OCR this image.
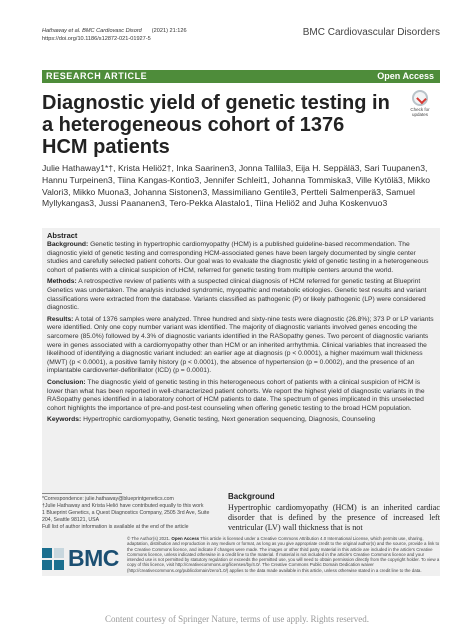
Hathaway et al. BMC Cardiovasc Disord (2021) 21:126
https://doi.org/10.1186/s12872-021-01927-5
BMC Cardiovascular Disorders
RESEARCH ARTICLE	Open Access
Diagnostic yield of genetic testing in a heterogeneous cohort of 1376 HCM patients
Check for updates
Julie Hathaway1*†, Krista Heliö2†, Inka Saarinen3, Jonna Tallila3, Eija H. Seppälä3, Sari Tuupanen3, Hannu Turpeinen3, Tiina Kangas-Kontio3, Jennifer Schleit1, Johanna Tommiska3, Ville Kytölä3, Mikko Valori3, Mikko Muona3, Johanna Sistonen3, Massimiliano Gentile3, Pertteli Salmenperä3, Samuel Myllykangas3, Jussi Paananen3, Tero-Pekka Alastalo1, Tiina Heliö2 and Juha Koskenvuo3
Abstract

Background: Genetic testing in hypertrophic cardiomyopathy (HCM) is a published guideline-based recommendation. The diagnostic yield of genetic testing and corresponding HCM-associated genes have been largely documented by single center studies and carefully selected patient cohorts. Our goal was to evaluate the diagnostic yield of genetic testing in a heterogeneous cohort of patients with a clinical suspicion of HCM, referred for genetic testing from multiple centers around the world.

Methods: A retrospective review of patients with a suspected clinical diagnosis of HCM referred for genetic testing at Blueprint Genetics was undertaken. The analysis included syndromic, myopathic and metabolic etiologies. Genetic test results and variant classifications were extracted from the database. Variants classified as pathogenic (P) or likely pathogenic (LP) were considered diagnostic.

Results: A total of 1376 samples were analyzed. Three hundred and sixty-nine tests were diagnostic (26.8%); 373 P or LP variants were identified. Only one copy number variant was identified. The majority of diagnostic variants involved genes encoding the sarcomere (85.0%) followed by 4.3% of diagnostic variants identified in the RASopathy genes. Two percent of diagnostic variants were in genes associated with a cardiomyopathy other than HCM or an inherited arrhythmia. Clinical variables that increased the likelihood of identifying a diagnostic variant included: an earlier age at diagnosis (p < 0.0001), a higher maximum wall thickness (MWT) (p < 0.0001), a positive family history (p < 0.0001), the absence of hypertension (p = 0.0002), and the presence of an implantable cardioverter-defibrillator (ICD) (p = 0.0001).

Conclusion: The diagnostic yield of genetic testing in this heterogeneous cohort of patients with a clinical suspicion of HCM is lower than what has been reported in well-characterized patient cohorts. We report the highest yield of diagnostic variants in the RASopathy genes identified in a laboratory cohort of HCM patients to date. The spectrum of genes implicated in this unselected cohort highlights the importance of pre-and post-test counseling when offering genetic testing to the broad HCM population.

Keywords: Hypertrophic cardiomyopathy, Genetic testing, Next generation sequencing, Diagnosis, Counseling

*Correspondence: julie.hathaway@blueprintgenetics.com
†Julie Hathaway and Krista Heliö have contributed equally to this work
1 Blueprint Genetics, a Quest Diagnostics Company, 2505 3rd Ave, Suite 204, Seattle 98121, USA
Full list of author information is available at the end of the article
Background
Hypertrophic cardiomyopathy (HCM) is an inherited cardiac disorder that is defined by the presence of increased left ventricular (LV) wall thickness that is not
BMC
© The Author(s) 2021. Open Access This article is licensed under a Creative Commons Attribution 4.0 International License, which permits use, sharing, adaptation, distribution and reproduction in any medium or format, as long as you give appropriate credit to the original author(s) and the source, provide a link to the Creative Commons licence, and indicate if changes were made. The images or other third party material in this article are included in the article's Creative Commons licence, unless indicated otherwise in a credit line to the material. If material is not included in the article's Creative Commons licence and your intended use is not permitted by statutory regulation or exceeds the permitted use, you will need to obtain permission directly from the copyright holder. To view a copy of this licence, visit http://creativecommons.org/licenses/by/4.0/. The Creative Commons Public Domain Dedication waiver (http://creativecommons.org/publicdomain/zero/1.0/) applies to the data made available in this article, unless otherwise stated in a credit line to the data.
Content courtesy of Springer Nature, terms of use apply. Rights reserved.
